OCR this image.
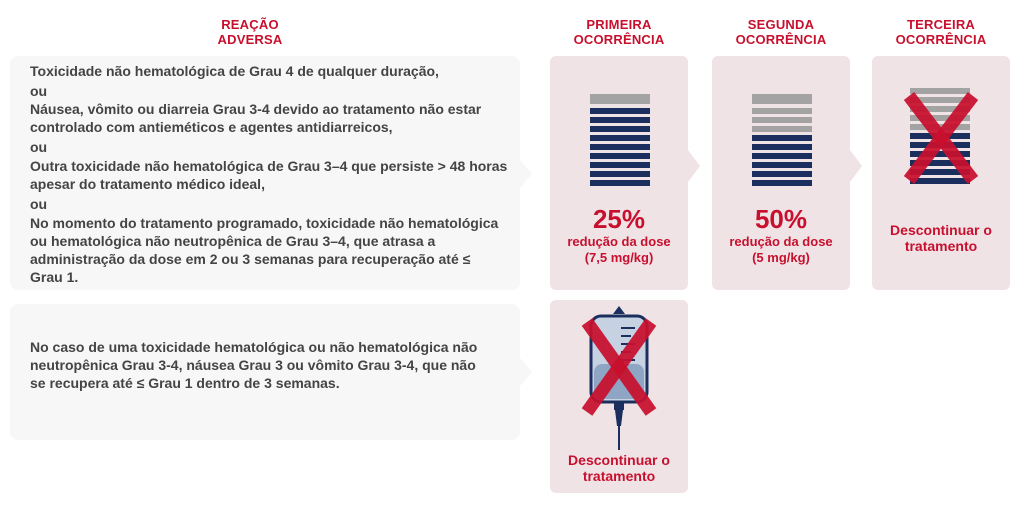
REAÇÃO
ADVERSA
PRIMEIRA
OCORRÊNCIA
SEGUNDA
OCORRÊNCIA
TERCEIRA
OCORRÊNCIA
Toxicidade não hematológica de Grau 4 de qualquer duração,
ou
Náusea, vômito ou diarreia Grau 3-4 devido ao tratamento não estar controlado com antieméticos e agentes antidiarreicos,
ou
Outra toxicidade não hematológica de Grau 3–4 que persiste > 48 horas apesar do tratamento médico ideal,
ou
No momento do tratamento programado, toxicidade não hematológica ou hematológica não neutropênica de Grau 3–4, que atrasa a administração da dose em 2 ou 3 semanas para recuperação até ≤ Grau 1.
25%
redução da dose
(7,5 mg/kg)
50%
redução da dose
(5 mg/kg)
Descontinuar o tratamento
No caso de uma toxicidade hematológica ou não hematológica não neutropênica Grau 3-4, náusea Grau 3 ou vômito Grau 3-4, que não se recupera até ≤ Grau 1 dentro de 3 semanas.
Descontinuar o tratamento
